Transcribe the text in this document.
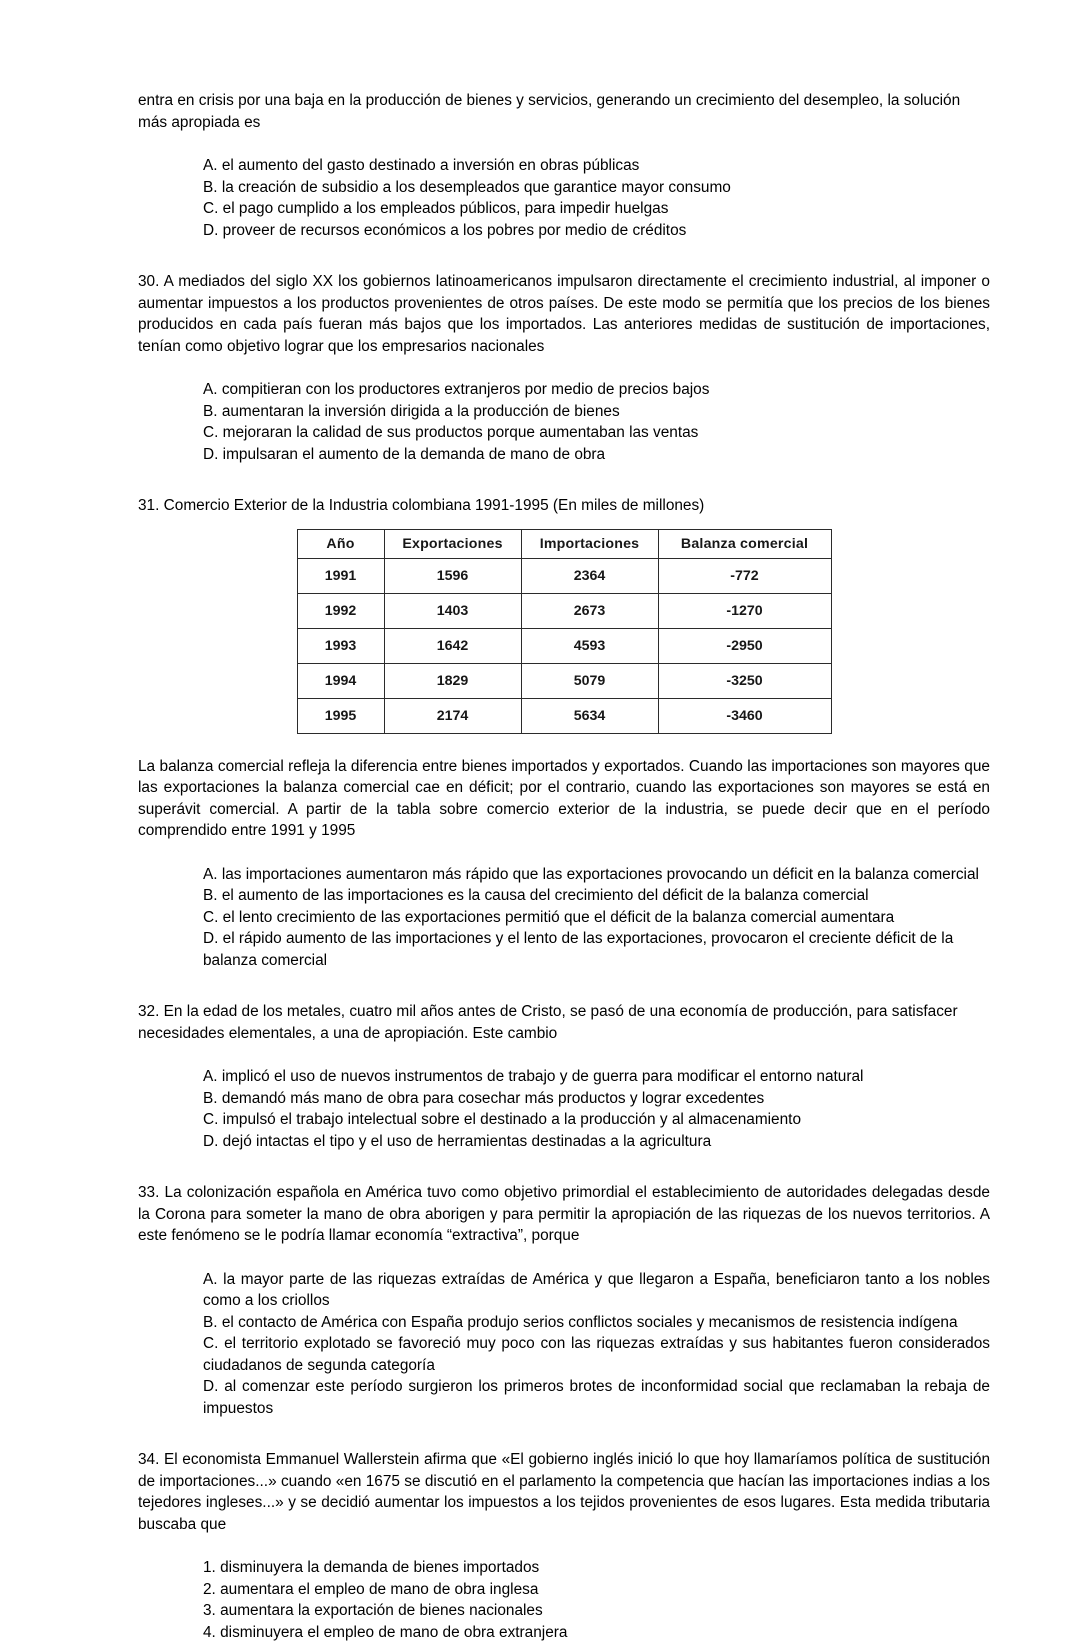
entra en crisis por una baja en la producción de bienes y servicios, generando un crecimiento del desempleo, la solución más apropiada es

A. el aumento del gasto destinado a inversión en obras públicas
B. la creación de subsidio a los desempleados que garantice mayor consumo
C. el pago cumplido a los empleados públicos, para impedir huelgas
D. proveer de recursos económicos a los pobres por medio de créditos

30. A mediados del siglo XX los gobiernos latinoamericanos impulsaron directamente el crecimiento industrial, al imponer o aumentar impuestos a los productos provenientes de otros países. De este modo se permitía que los precios de los bienes producidos en cada país fueran más bajos que los importados. Las anteriores medidas de sustitución de importaciones, tenían como objetivo lograr que los empresarios nacionales

A. compitieran con los productores extranjeros por medio de precios bajos
B. aumentaran la inversión dirigida a la producción de bienes
C. mejoraran la calidad de sus productos porque aumentaban las ventas
D. impulsaran el aumento de la demanda de mano de obra

31. Comercio Exterior de la Industria colombiana 1991-1995 (En miles de millones)

Año	Exportaciones	Importaciones	Balanza comercial
1991	1596	2364	-772
1992	1403	2673	-1270
1993	1642	4593	-2950
1994	1829	5079	-3250
1995	2174	5634	-3460

La balanza comercial refleja la diferencia entre bienes importados y exportados. Cuando las importaciones son mayores que las exportaciones la balanza comercial cae en déficit; por el contrario, cuando las exportaciones son mayores se está en superávit comercial. A partir de la tabla sobre comercio exterior de la industria, se puede decir que en el período comprendido entre 1991 y 1995

A. las importaciones aumentaron más rápido que las exportaciones provocando un déficit en la balanza comercial
B. el aumento de las importaciones es la causa del crecimiento del déficit de la balanza comercial
C. el lento crecimiento de las exportaciones permitió que el déficit de la balanza comercial aumentara
D. el rápido aumento de las importaciones y el lento de las exportaciones, provocaron el creciente déficit de la balanza comercial

32. En la edad de los metales, cuatro mil años antes de Cristo, se pasó de una economía de producción, para satisfacer necesidades elementales, a una de apropiación. Este cambio

A. implicó el uso de nuevos instrumentos de trabajo y de guerra para modificar el entorno natural
B. demandó más mano de obra para cosechar más productos y lograr excedentes
C. impulsó el trabajo intelectual sobre el destinado a la producción y al almacenamiento
D. dejó intactas el tipo y el uso de herramientas destinadas a la agricultura

33. La colonización española en América tuvo como objetivo primordial el establecimiento de autoridades delegadas desde la Corona para someter la mano de obra aborigen y para permitir la apropiación de las riquezas de los nuevos territorios. A este fenómeno se le podría llamar economía “extractiva”, porque

A. la mayor parte de las riquezas extraídas de América y que llegaron a España, beneficiaron tanto a los nobles como a los criollos
B. el contacto de América con España produjo serios conflictos sociales y mecanismos de resistencia indígena
C. el territorio explotado se favoreció muy poco con las riquezas extraídas y sus habitantes fueron considerados ciudadanos de segunda categoría
D. al comenzar este período surgieron los primeros brotes de inconformidad social que reclamaban la rebaja de impuestos

34. El economista Emmanuel Wallerstein afirma que «El gobierno inglés inició lo que hoy llamaríamos política de sustitución de importaciones...» cuando «en 1675 se discutió en el parlamento la competencia que hacían las importaciones indias a los tejedores ingleses...» y se decidió aumentar los impuestos a los tejidos provenientes de esos lugares. Esta medida tributaria buscaba que

1. disminuyera la demanda de bienes importados
2. aumentara el empleo de mano de obra inglesa
3. aumentara la exportación de bienes nacionales
4. disminuyera el empleo de mano de obra extranjera
